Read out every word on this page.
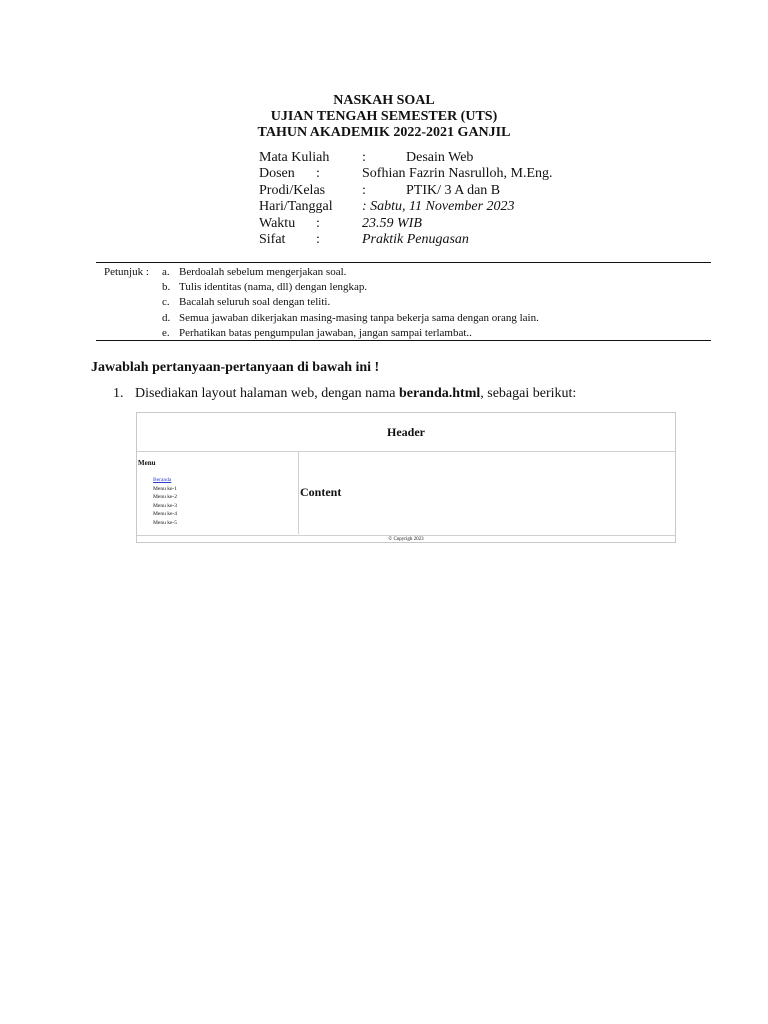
NASKAH SOAL
UJIAN TENGAH SEMESTER (UTS)
TAHUN AKADEMIK 2022-2021 GANJIL
Mata Kuliah :	Desain Web
Dosen :	Sofhian Fazrin Nasrulloh, M.Eng.
Prodi/Kelas	:	PTIK/ 3 A dan B
Hari/Tanggal : Sabtu, 11 November 2023
Waktu :	23.59 WIB
Sifat :	Praktik Penugasan
Petunjuk : a. Berdoalah sebelum mengerjakan soal.
b. Tulis identitas (nama, dll) dengan lengkap.
c. Bacalah seluruh soal dengan teliti.
d. Semua jawaban dikerjakan masing-masing tanpa bekerja sama dengan orang lain.
e. Perhatikan batas pengumpulan jawaban, jangan sampai terlambat..
Jawablah pertanyaan-pertanyaan di bawah ini !
1. Disediakan layout halaman web, dengan nama beranda.html, sebagai berikut:
Header
Menu
Beranda
Menu ke-1
Menu ke-2
Menu ke-3
Menu ke-4
Menu ke-5
Content
© Copyrigh 2023
